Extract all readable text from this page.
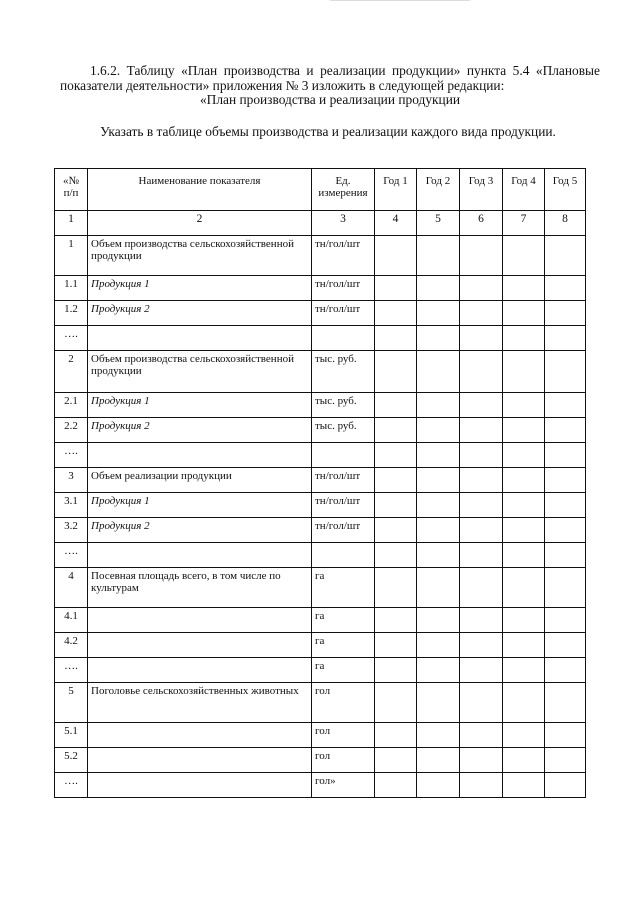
1.6.2. Таблицу «План производства и реализации продукции» пункта 5.4 «Плановые показатели деятельности» приложения № 3 изложить в следующей редакции:
«План производства и реализации продукции
Указать в таблице объемы производства и реализации каждого вида продукции.
«№ п/п	Наименование показателя	Ед. измерения	Год 1	Год 2	Год 3	Год 4	Год 5
1	2	3	4	5	6	7	8
1	Объем производства сельскохозяйственной продукции	тн/гол/шт					
1.1	Продукция 1	тн/гол/шт					
1.2	Продукция 2	тн/гол/шт					
….							
2	Объем производства сельскохозяйственной продукции	тыс. руб.					
2.1	Продукция 1	тыс. руб.					
2.2	Продукция 2	тыс. руб.					
….							
3	Объем реализации продукции	тн/гол/шт					
3.1	Продукция 1	тн/гол/шт					
3.2	Продукция 2	тн/гол/шт					
….							
4	Посевная площадь всего, в том числе по культурам	га					
4.1		га					
4.2		га					
….		га					
5	Поголовье сельскохозяйственных животных	гол					
5.1		гол					
5.2		гол					
….		гол»					
